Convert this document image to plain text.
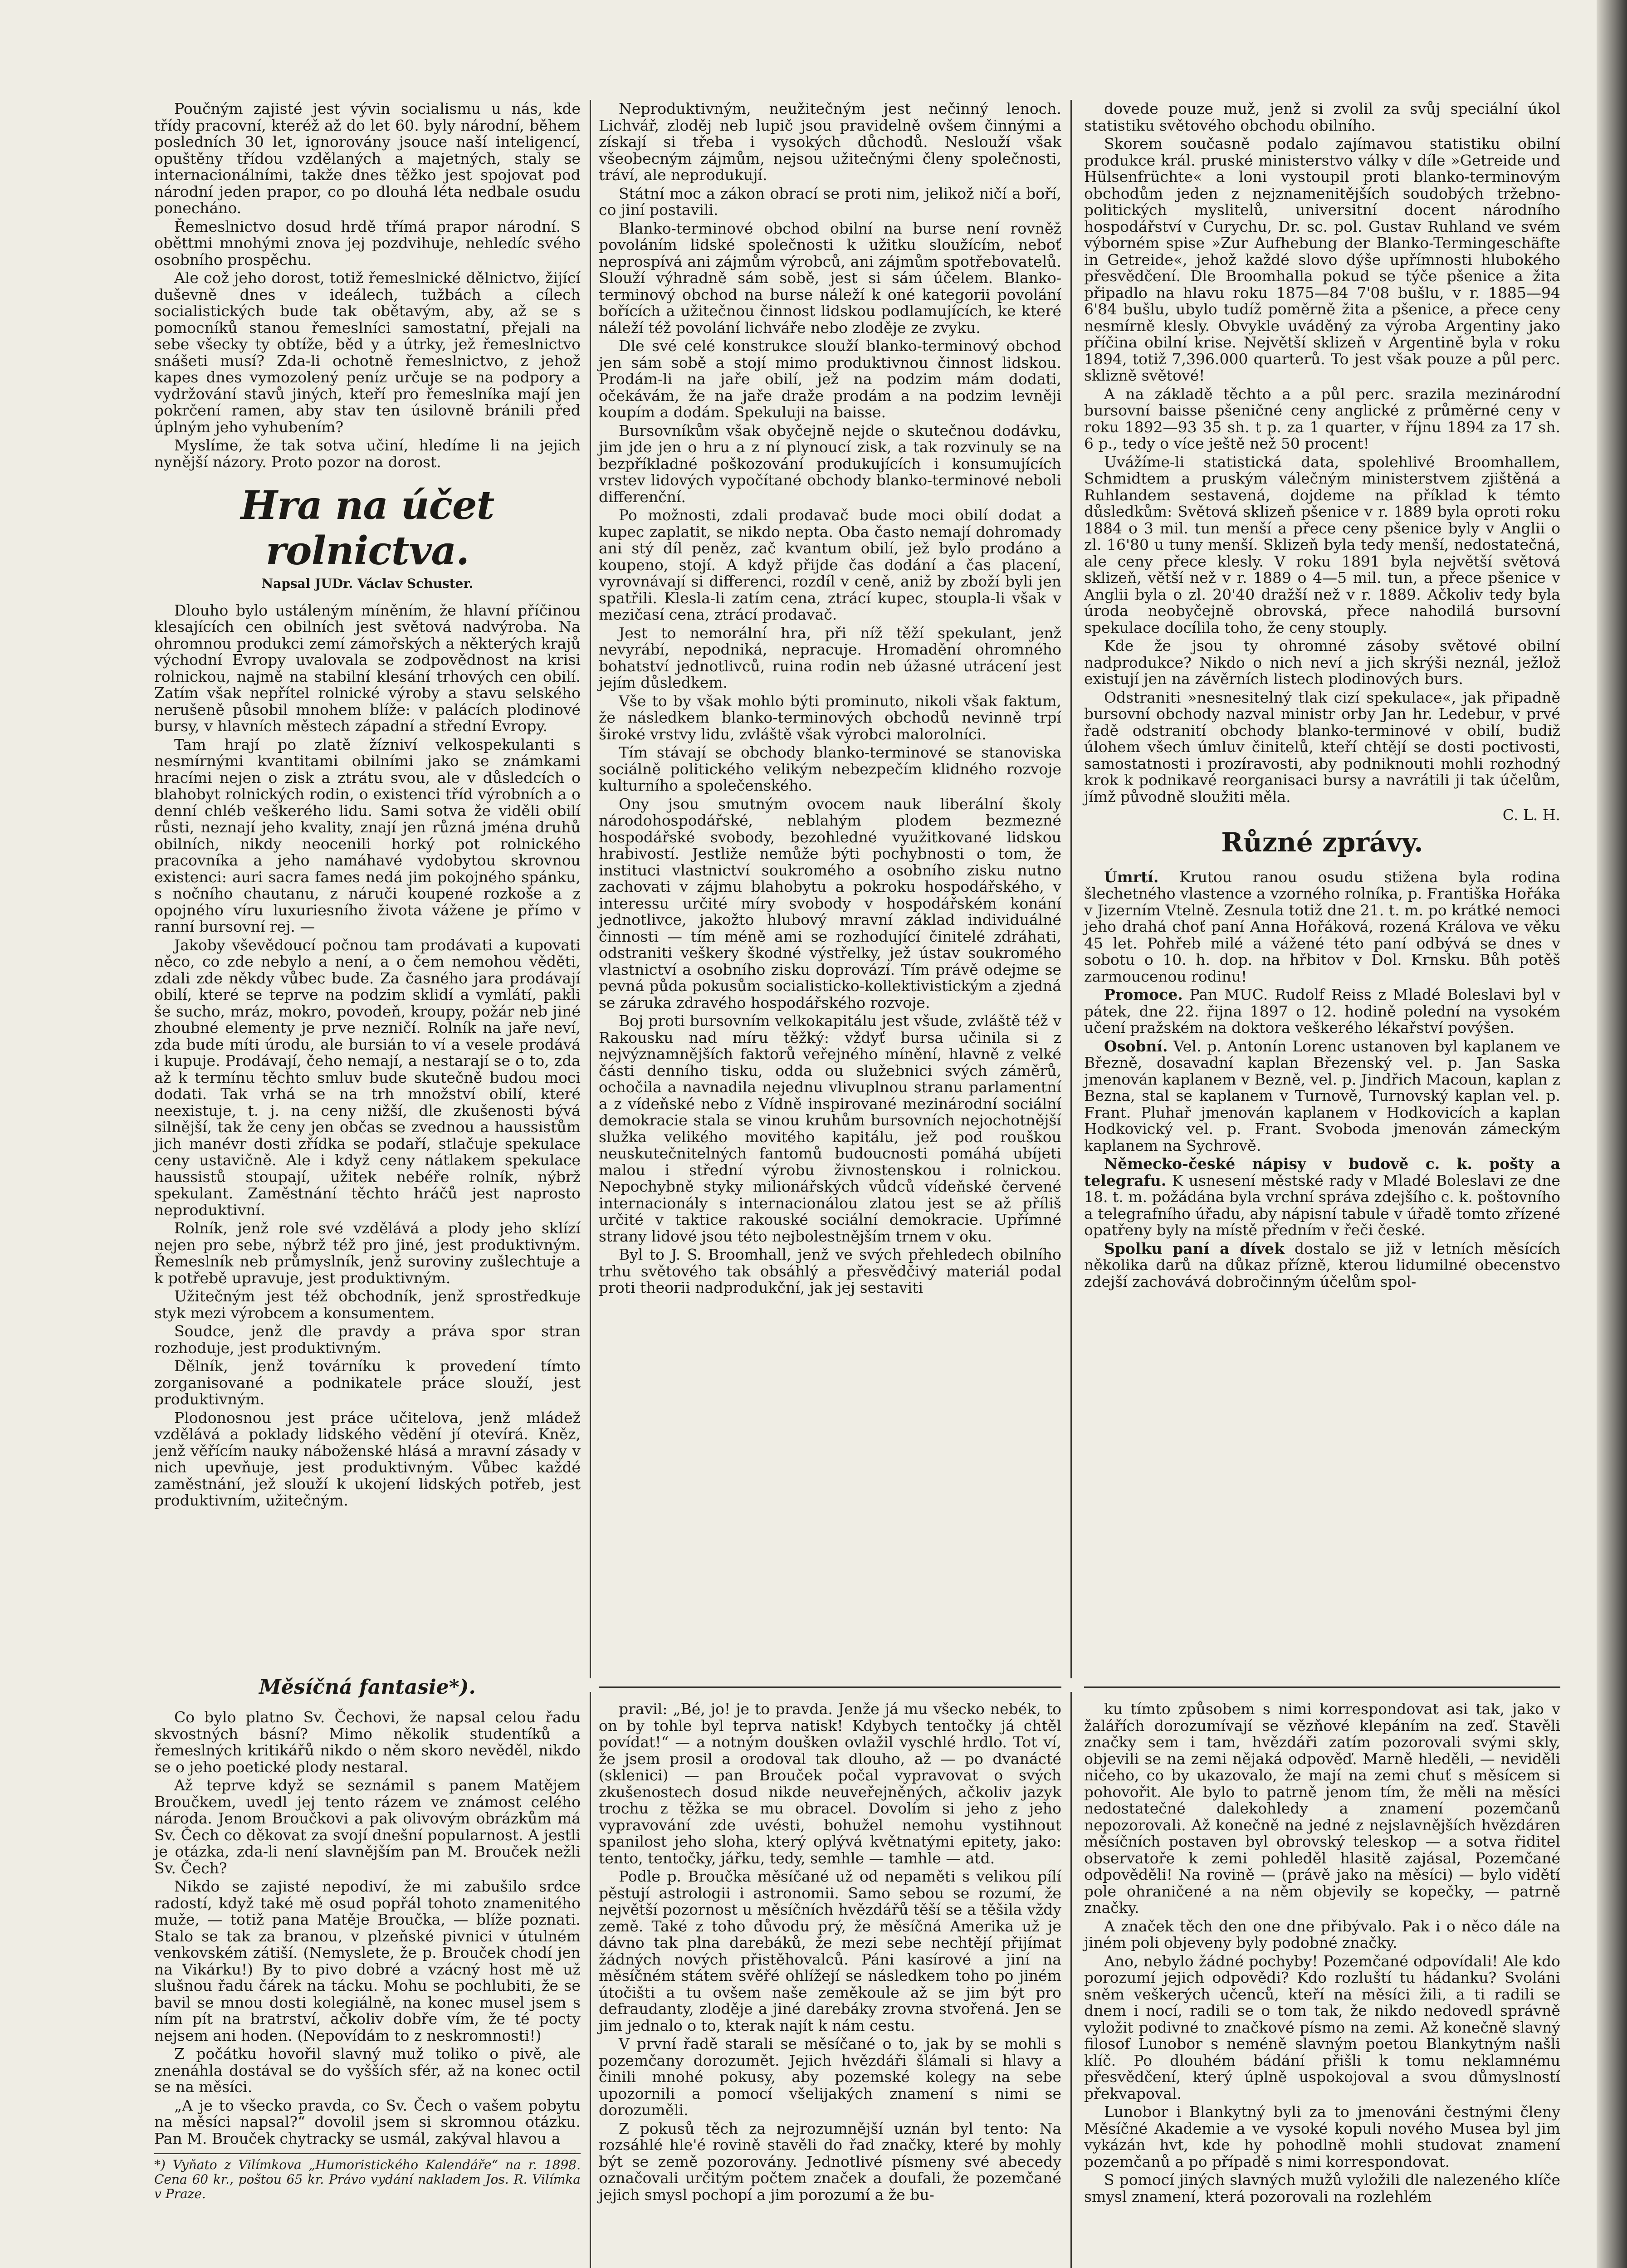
Poučným zajisté jest vývin socialismu u nás, kde třídy pracovní, kteréž až do let 60. byly národní, během posledních 30 let, ignorovány jsouce naší inteligencí, opuštěny třídou vzdělaných a majetných, staly se internacionálními, takže dnes těžko jest spojovat pod národní jeden prapor, co po dlouhá léta nedbale osudu ponecháno.

Řemeslnictvo dosud hrdě třímá prapor národní. S oběttmi mnohými znova jej pozdvihuje, nehledíc svého osobního prospěchu.

Ale což jeho dorost, totiž řemeslnické dělnictvo, žijící duševně dnes v ideálech, tužbách a cílech socialistických bude tak obětavým, aby, až se s pomocníků stanou řemeslníci samostatní, přejali na sebe všecky ty obtíže, běd y a útrky, jež řemeslnictvo snášeti musí? Zda-li ochotně řemeslnictvo, z jehož kapes dnes vymozolený peníz určuje se na podpory a vydržování stavů jiných, kteří pro řemeslníka mají jen pokrčení ramen, aby stav ten úsilovně bránili před úplným jeho vyhubením?

Myslíme, že tak sotva učiní, hledíme li na jejich nynější názory. Proto pozor na dorost.

Hra na účet rolnictva.
Napsal JUDr. Václav Schuster.

Dlouho bylo ustáleným míněním, že hlavní příčinou klesajících cen obilních jest světová nadvýroba. Na ohromnou produkci zemí zámořských a některých krajů východní Evropy uvalovala se zodpovědnost na krisi rolnickou, najmě na stabilní klesání trhových cen obilí. Zatím však nepřítel rolnické výroby a stavu selského nerušeně působil mnohem blíže: v palácích plodinové bursy, v hlavních městech západní a střední Evropy.

Tam hrají po zlatě žízniví velkospekulanti s nesmírnými kvantitami obilními jako se známkami hracími nejen o zisk a ztrátu svou, ale v důsledcích o blahobyt rolnických rodin, o existenci tříd výrobních a o denní chléb veškerého lidu. Sami sotva že viděli obilí růsti, neznají jeho kvality, znají jen různá jména druhů obilních, nikdy neocenili horký pot rolnického pracovníka a jeho namáhavé vydobytou skrovnou existenci: auri sacra fames nedá jim pokojného spánku, s nočního chautanu, z náruči koupené rozkoše a z opojného víru luxuriesního života vážene je přímo v ranní bursovní rej. —

Jakoby vševědoucí počnou tam prodávati a kupovati něco, co zde nebylo a není, a o čem nemohou věděti, zdali zde někdy vůbec bude. Za časného jara prodávají obilí, které se teprve na podzim sklidí a vymlátí, pakli še sucho, mráz, mokro, povodeň, kroupy, požár neb jiné zhoubné elementy je prve nezničí. Rolník na jaře neví, zda bude míti úrodu, ale bursián to ví a vesele prodává i kupuje. Prodávají, čeho nemají, a nestarají se o to, zda až k termínu těchto smluv bude skutečně budou moci dodati. Tak vrhá se na trh množství obilí, které neexistuje, t. j. na ceny nižší, dle zkušenosti bývá silnější, tak že ceny jen občas se zvednou a haussistům jich manévr dosti zřídka se podaří, stlačuje spekulace ceny ustavičně. Ale i když ceny nátlakem spekulace haussistů stoupají, užitek nebéře rolník, nýbrž spekulant. Zaměstnání těchto hráčů jest naprosto neproduktivní.

Rolník, jenž role své vzdělává a plody jeho sklízí nejen pro sebe, nýbrž též pro jiné, jest produktivným. Řemeslník neb průmyslník, jenž suroviny zušlechtuje a k potřebě upravuje, jest produktivným.

Užitečným jest též obchodník, jenž sprostředkuje styk mezi výrobcem a konsumentem.

Soudce, jenž dle pravdy a práva spor stran rozhoduje, jest produktivným.

Dělník, jenž továrníku k provedení tímto zorganisované a podnikatele práce slouží, jest produktivným.

Plodonosnou jest práce učitelova, jenž mládež vzdělává a poklady lidského vědění jí otevírá. Kněz, jenž věřícím nauky náboženské hlásá a mravní zásady v nich upevňuje, jest produktivným. Vůbec každé zaměstnání, jež slouží k ukojení lidských potřeb, jest produktivním, užitečným.

Měsíčná fantasie*).

Co bylo platno Sv. Čechovi, že napsal celou řadu skvostných básní? Mimo několik studentíků a řemeslných kritikářů nikdo o něm skoro nevěděl, nikdo se o jeho poetické plody nestaral.

Až teprve když se seznámil s panem Matějem Broučkem, uvedl jej tento rázem ve známost celého národa. Jenom Broučkovi a pak olivovým obrázkům má Sv. Čech co děkovat za svojí dnešní popularnost. A jestli je otázka, zda-li není slavnějším pan M. Brouček nežli Sv. Čech?

Nikdo se zajisté nepodiví, že mi zabušilo srdce radostí, když také mě osud popřál tohoto znamenitého muže, — totiž pana Matěje Broučka, — blíže poznati. Stalo se tak za branou, v plzeňské pivnici v útulném venkovském zátiší. (Nemyslete, že p. Brouček chodí jen na Vikárku!) By to pivo dobré a vzácný host mě už slušnou řadu čárek na tácku. Mohu se pochlubiti, že se bavil se mnou dosti kolegiálně, na konec musel jsem s ním pít na bratrství, ačkoliv dobře vím, že té pocty nejsem ani hoden. (Nepovídám to z neskromnosti!)

Z počátku hovořil slavný muž toliko o pivě, ale znenáhla dostával se do vyšších sfér, až na konec octil se na měsíci.

„A je to všecko pravda, co Sv. Čech o vašem pobytu na měsíci napsal?“ dovolil jsem si skromnou otázku. Pan M. Brouček chytracky se usmál, zakýval hlavou a

*) Vyňato z Vilímkova „Humoristického Kalendáře“ na r. 1898. Cena 60 kr., poštou 65 kr. Právo vydání nakladem Jos. R. Vilímka v Praze.

Neproduktivným, neužitečným jest nečinný lenoch. Lichvář, zloděj neb lupič jsou pravidelně ovšem činnými a získají si třeba i vysokých důchodů. Neslouží však všeobecným zájmům, nejsou užitečnými členy společnosti, tráví, ale neprodukují.

Státní moc a zákon obrací se proti nim, jelikož ničí a boří, co jiní postavili.

Blanko-terminové obchod obilní na burse není rovněž povoláním lidské společnosti k užitku sloužícím, neboť neprospívá ani zájmům výrobců, ani zájmům spotřebovatelů. Slouží výhradně sám sobě, jest si sám účelem. Blanko-terminový obchod na burse náleží k oné kategorii povolání bořících a užitečnou činnost lidskou podlamujících, ke které náleží též povolání lichváře nebo zloděje ze zvyku.

Dle své celé konstrukce slouží blanko-terminový obchod jen sám sobě a stojí mimo produktivnou činnost lidskou. Prodám-li na jaře obilí, jež na podzim mám dodati, očekávám, že na jaře draže prodám a na podzim levněji koupím a dodám. Spekuluji na baisse.

Bursovníkům však obyčejně nejde o skutečnou dodávku, jim jde jen o hru a z ní plynoucí zisk, a tak rozvinuly se na bezpříkladné poškozování produkujících i konsumujících vrstev lidových vypočítané obchody blanko-terminové neboli differenční.

Po možnosti, zdali prodavač bude moci obilí dodat a kupec zaplatit, se nikdo nepta. Oba často nemají dohromady ani stý díl peněz, zač kvantum obilí, jež bylo prodáno a koupeno, stojí. A když přijde čas dodání a čas placení, vyrovnávají si differenci, rozdíl v ceně, aniž by zboží byli jen spatřili. Klesla-li zatím cena, ztrácí kupec, stoupla-li však v mezičasí cena, ztrácí prodavač.

Jest to nemorální hra, při níž těží spekulant, jenž nevyrábí, nepodniká, nepracuje. Hromadění ohromného bohatství jednotlivců, ruina rodin neb úžasné utrácení jest jejím důsledkem.

Vše to by však mohlo býti prominuto, nikoli však faktum, že následkem blanko-terminových obchodů nevinně trpí široké vrstvy lidu, zvláště však výrobci malorolníci.

Tím stávají se obchody blanko-terminové se stanoviska sociálně politického velikým nebezpečím klidného rozvoje kulturního a společenského.

Ony jsou smutným ovocem nauk liberální školy národohospodářské, neblahým plodem bezmezné hospodářské svobody, bezohledné využitkované lidskou hrabivostí. Jestliže nemůže býti pochybnosti o tom, že instituci vlastnictví soukromého a osobního zisku nutno zachovati v zájmu blahobytu a pokroku hospodářského, v interessu určité míry svobody v hospodářském konání jednotlivce, jakožto hlubový mravní základ individuálné činnosti — tím méně ami se rozhodující činitelé zdráhati, odstraniti veškery škodné výstřelky, jež ústav soukromého vlastnictví a osobního zisku doprovází. Tím právě odejme se pevná půda pokusům socialisticko-kollektivistickým a zjedná se záruka zdravého hospodářského rozvoje.

Boj proti bursovním velkokapitálu jest všude, zvláště též v Rakousku nad míru těžký: vždyť bursa učinila si z nejvýznamnějších faktorů veřejného mínění, hlavně z velké části denního tisku, odda ou služebnici svých záměrů, ochočila a navnadila nejednu vlivuplnou stranu parlamentní a z vídeňské nebo z Vídně inspirované mezinárodní sociální demokracie stala se vinou kruhům bursovních nejochotnější služka velikého movitého kapitálu, jež pod rouškou neuskutečnitelných fantomů budoucnosti pomáhá ubíjeti malou i střední výrobu živnostenskou i rolnickou. Nepochybně styky milionářských vůdců vídeňské červené internacionály s internacionálou zlatou jest se až příliš určité v taktice rakouské sociální demokracie. Upřímné strany lidové jsou této nejbolestnějším trnem v oku.

Byl to J. S. Broomhall, jenž ve svých přehledech obilního trhu světového tak obsáhlý a přesvědčivý materiál podal proti theorii nadprodukční, jak jej sestaviti

pravil: „Bé, jo! je to pravda. Jenže já mu všecko nebék, to on by tohle byl teprva natisk! Kdybych tentočky já chtěl povídat!“ — a notným doušken ovlažil vyschlé hrdlo. Tot ví, že jsem prosil a orodoval tak dlouho, až — po dvanácté (sklenici) — pan Brouček počal vypravovat o svých zkušenostech dosud nikde neuveřejněných, ačkoliv jazyk trochu z těžka se mu obracel. Dovolím si jeho z jeho vypravování zde uvésti, bohužel nemohu vystihnout spanilost jeho sloha, který oplývá květnatými epitety, jako: tento, tentočky, jářku, tedy, semhle — tamhle — atd.

Podle p. Broučka měsíčané už od nepaměti s velikou pílí pěstují astrologii i astronomii. Samo sebou se rozumí, že největší pozornost u měsíčních hvězdářů těší se a těšila vždy země. Také z toho důvodu prý, že měsíčná Amerika už je dávno tak plna darebáků, že mezi sebe nechtějí přijímat žádných nových přistěhovalců. Páni kasírové a jiní na měsíčném státem svěřé ohlížejí se následkem toho po jiném útočišti a tu ovšem naše zeměkoule až se jim být pro defraudanty, zloděje a jiné darebáky zrovna stvořená. Jen se jim jednalo o to, kterak najít k nám cestu.

V první řadě starali se měsíčané o to, jak by se mohli s pozemčany dorozumět. Jejich hvězdáři šlámali si hlavy a činili mnohé pokusy, aby pozemské kolegy na sebe upozornili a pomocí všelijakých znamení s nimi se dorozuměli.

Z pokusů těch za nejrozumnější uznán byl tento: Na rozsáhlé hle'é rovině stavěli do řad značky, které by mohly být se země pozorovány. Jednotlivé písmeny své abecedy označovali určitým počtem značek a doufali, že pozemčané jejich smysl pochopí a jim porozumí a že bu-

dovede pouze muž, jenž si zvolil za svůj speciální úkol statistiku světového obchodu obilního.

Skorem současně podalo zajímavou statistiku obilní produkce král. pruské ministerstvo války v díle »Getreide und Hülsenfrüchte« a loni vystoupil proti blanko-terminovým obchodům jeden z nejznamenitějších soudobých tržebno-politických myslitelů, universitní docent národního hospodářství v Curychu, Dr. sc. pol. Gustav Ruhland ve svém výborném spise »Zur Aufhebung der Blanko-Termingeschäfte in Getreide«, jehož každé slovo dýše upřímnosti hlubokého přesvědčení. Dle Broomhalla pokud se týče pšenice a žita připadlo na hlavu roku 1875—84 7'08 bušlu, v r. 1885—94 6'84 bušlu, ubylo tudíž poměrně žita a pšenice, a přece ceny nesmírně klesly. Obvykle uváděný za výroba Argentiny jako příčina obilní krise. Největší sklizeň v Argentině byla v roku 1894, totiž 7,396.000 quarterů. To jest však pouze a půl perc. sklizně světové!

A na základě těchto a a půl perc. srazila mezinárodní bursovní baisse pšeničné ceny anglické z průměrné ceny v roku 1892—93 35 sh. t p. za 1 quarter, v říjnu 1894 za 17 sh. 6 p., tedy o více ještě než 50 procent!

Uvážíme-li statistická data, spolehlivé Broomhallem, Schmidtem a pruským válečným ministerstvem zjištěná a Ruhlandem sestavená, dojdeme na příklad k témto důsledkům: Světová sklizeň pšenice v r. 1889 byla oproti roku 1884 o 3 mil. tun menší a přece ceny pšenice byly v Anglii o zl. 16'80 u tuny menší. Sklizeň byla tedy menší, nedostatečná, ale ceny přece klesly. V roku 1891 byla největší světová sklizeň, větší než v r. 1889 o 4—5 mil. tun, a přece pšenice v Anglii byla o zl. 20'40 dražší než v r. 1889. Ačkoliv tedy byla úroda neobyčejně obrovská, přece nahodilá bursovní spekulace docílila toho, že ceny stouply.

Kde že jsou ty ohromné zásoby světové obilní nadprodukce? Nikdo o nich neví a jich skrýši neznál, ježlož existují jen na závěrních listech plodinových burs.

Odstraniti »nesnesitelný tlak cizí spekulace«, jak připadně bursovní obchody nazval ministr orby Jan hr. Ledebur, v prvé řadě odstranití obchody blanko-terminové v obilí, budiž úlohem všech úmluv činitelů, kteří chtějí se dosti poctivosti, samostatnosti i prozíravosti, aby podniknouti mohli rozhodný krok k podnikavé reorganisaci bursy a navrátili ji tak účelům, jímž původně sloužiti měla.

C. L. H.

Různé zprávy.

Úmrtí. Krutou ranou osudu stižena byla rodina šlechetného vlastence a vzorného rolníka, p. Františka Hořáka v Jizerním Vtelně. Zesnula totiž dne 21. t. m. po krátké nemoci jeho drahá choť paní Anna Hořáková, rozená Králova ve věku 45 let. Pohřeb milé a vážené této paní odbývá se dnes v sobotu o 10. h. dop. na hřbitov v Dol. Krnsku. Bůh potěš zarmoucenou rodinu!

Promoce. Pan MUC. Rudolf Reiss z Mladé Boleslavi byl v pátek, dne 22. řijna 1897 o 12. hodině polední na vysokém učení pražském na doktora veškerého lékařství povýšen.

Osobní. Vel. p. Antonín Lorenc ustanoven byl kaplanem ve Březně, dosavadní kaplan Březenský vel. p. Jan Saska jmenován kaplanem v Bezně, vel. p. Jindřich Macoun, kaplan z Bezna, stal se kaplanem v Turnově, Turnovský kaplan vel. p. Frant. Pluhař jmenován kaplanem v Hodkovicích a kaplan Hodkovický vel. p. Frant. Svoboda jmenován zámeckým kaplanem na Sychrově.

Německo-české nápisy v budově c. k. pošty a telegrafu. K usnesení městské rady v Mladé Boleslavi ze dne 18. t. m. požádána byla vrchní správa zdejšího c. k. poštovního a telegrafního úřadu, aby nápisní tabule v úřadě tomto zřízené opatřeny byly na místě předním v řeči české.

Spolku paní a dívek dostalo se již v letních měsících několika darů na důkaz přízně, kterou lidumilné obecenstvo zdejší zachovává dobročinným účelům spol-

ku tímto způsobem s nimi korrespondovat asi tak, jako v žalářích dorozumívají se vězňové klepáním na zeď. Stavěli značky sem i tam, hvězdáři zatím pozorovali svými skly, objevili se na zemi nějaká odpověď. Marně hleděli, — neviděli ničeho, co by ukazovalo, že mají na zemi chuť s měsícem si pohovořit. Ale bylo to patrně jenom tím, že měli na měsíci nedostatečné dalekohledy a znamení pozemčanů nepozorovali. Až konečně na jedné z nejslavnějších hvězdáren měsíčních postaven byl obrovský teleskop — a sotva řiditel observatoře k zemi pohleděl hlasitě zajásal, Pozemčané odpověděli! Na rovině — (právě jako na měsíci) — bylo vidětí pole ohraničené a na něm objevily se kopečky, — patrně značky.

A značek těch den one dne přibývalo. Pak i o něco dále na jiném poli objeveny byly podobné značky.

Ano, nebylo žádné pochyby! Pozemčané odpovídali! Ale kdo porozumí jejich odpovědi? Kdo rozluští tu hádanku? Svoláni sněm veškerých učenců, kteří na měsíci žili, a ti radili se dnem i nocí, radili se o tom tak, že nikdo nedovedl správně vyložit podivné to značkové písmo na zemi. Až konečně slavný filosof Lunobor s neméně slavným poetou Blankytným našli klíč. Po dlouhém bádání přišli k tomu neklamnému přesvědčení, který úplně uspokojoval a svou důmyslností překvapoval.

Lunobor i Blankytný byli za to jmenováni čestnými členy Měsíčné Akademie a ve vysoké kopuli nového Musea byl jim vykázán hvt, kde hy pohodlně mohli studovat znamení pozemčanů a po případě s nimi korrespondovat.

S pomocí jiných slavných mužů vyložili dle nalezeného klíče smysl znamení, která pozorovali na rozlehlém
